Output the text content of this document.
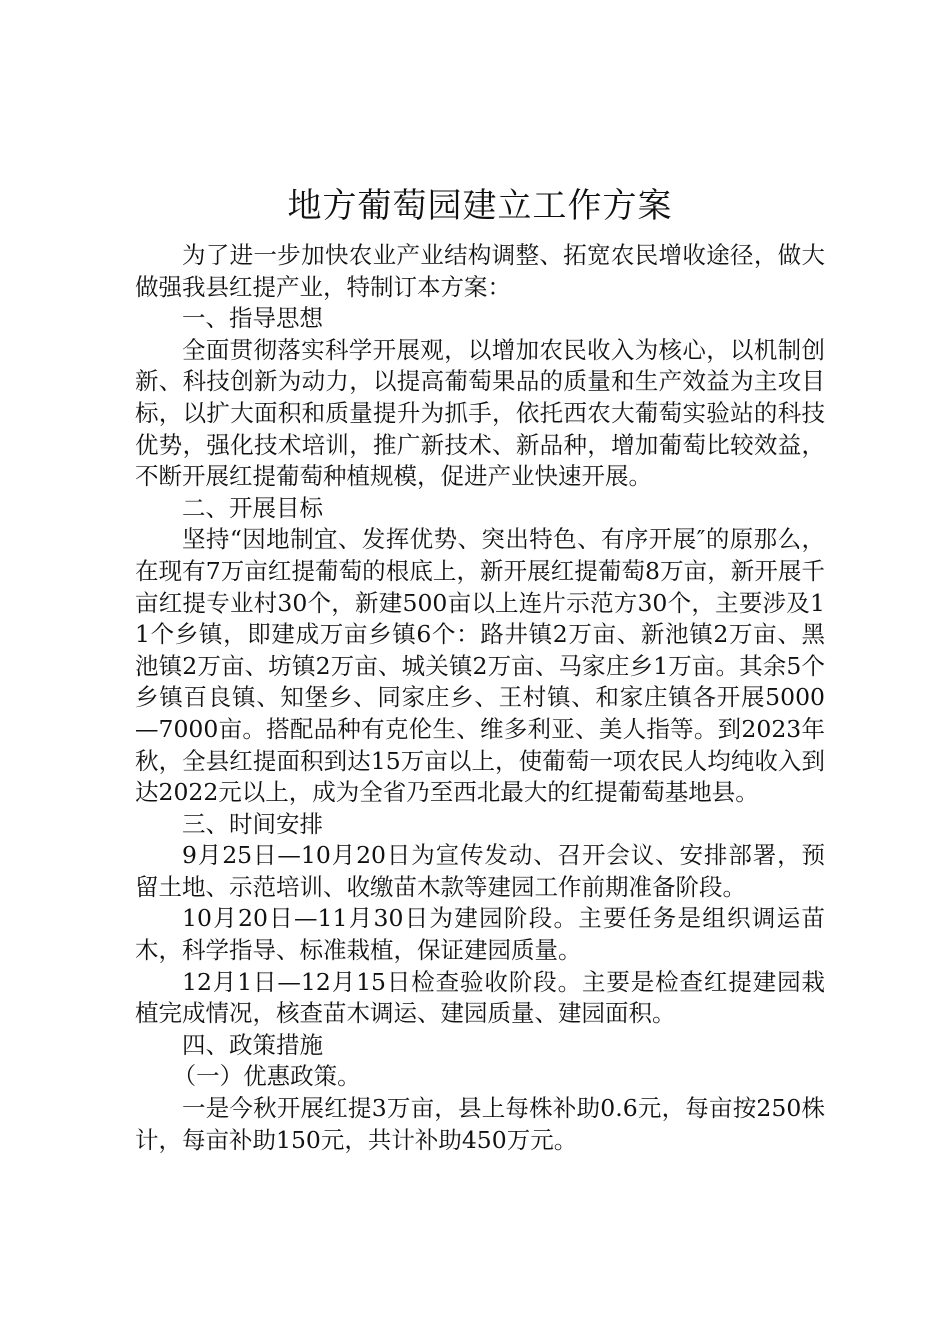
地方葡萄园建立工作方案

为了进一步加快农业产业结构调整、拓宽农民增收途径，做大做强我县红提产业，特制订本方案：

一、指导思想

全面贯彻落实科学开展观，以增加农民收入为核心，以机制创新、科技创新为动力，以提高葡萄果品的质量和生产效益为主攻目标，以扩大面积和质量提升为抓手，依托西农大葡萄实验站的科技优势，强化技术培训，推广新技术、新品种，增加葡萄比较效益，不断开展红提葡萄种植规模，促进产业快速开展。

二、开展目标

坚持“因地制宜、发挥优势、突出特色、有序开展″的原那么，在现有7万亩红提葡萄的根底上，新开展红提葡萄8万亩，新开展千亩红提专业村30个，新建500亩以上连片示范方30个，主要涉及11个乡镇，即建成万亩乡镇6个：路井镇2万亩、新池镇2万亩、黑池镇2万亩、坊镇2万亩、城关镇2万亩、马家庄乡1万亩。其余5个乡镇百良镇、知堡乡、同家庄乡、王村镇、和家庄镇各开展5000—7000亩。搭配品种有克伦生、维多利亚、美人指等。到2023年秋，全县红提面积到达15万亩以上，使葡萄一项农民人均纯收入到达2022元以上，成为全省乃至西北最大的红提葡萄基地县。

三、时间安排

9月25日—10月20日为宣传发动、召开会议、安排部署，预留土地、示范培训、收缴苗木款等建园工作前期准备阶段。

10月20日—11月30日为建园阶段。主要任务是组织调运苗木，科学指导、标准栽植，保证建园质量。

12月1日—12月15日检查验收阶段。主要是检查红提建园栽植完成情况，核查苗木调运、建园质量、建园面积。

四、政策措施

（一）优惠政策。

一是今秋开展红提3万亩，县上每株补助0.6元，每亩按250株计，每亩补助150元，共计补助450万元。
